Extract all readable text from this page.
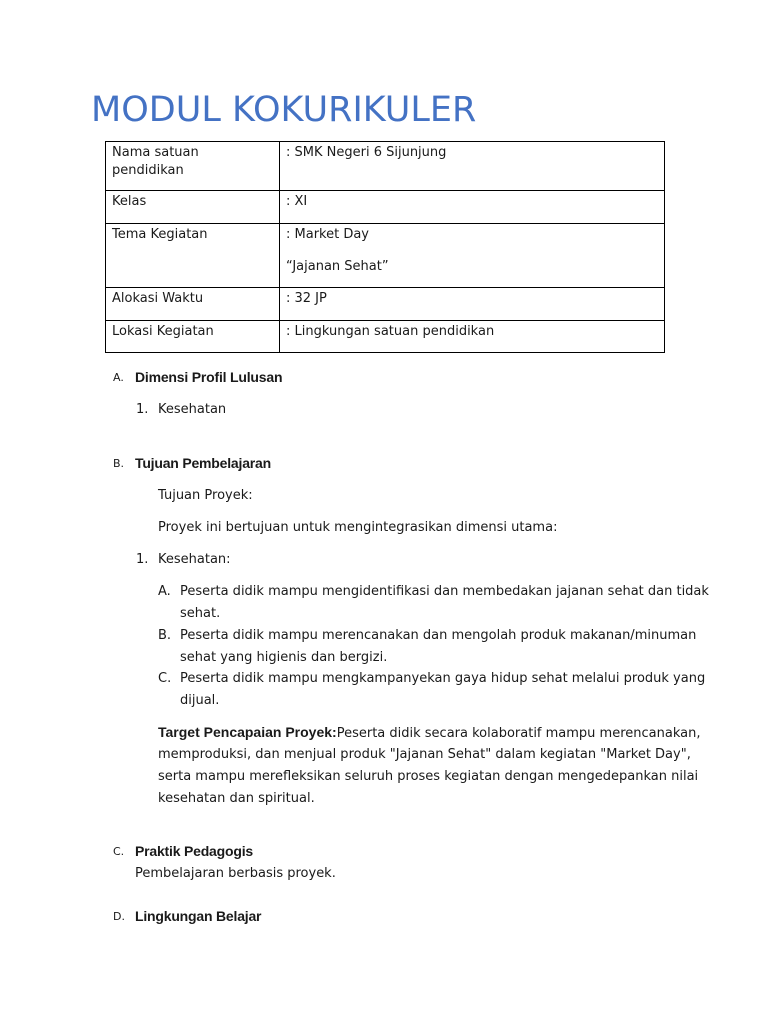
MODUL KOKURIKULER
Nama satuan pendidikan	: SMK Negeri 6 Sijunjung

Kelas	: XI

Tema Kegiatan	: Market Day

“Jajanan Sehat”

Alokasi Waktu	: 32 JP

Lokasi Kegiatan	: Lingkungan satuan pendidikan

A. Dimensi Profil Lulusan
1. Kesehatan
B. Tujuan Pembelajaran
Tujuan Proyek:
Proyek ini bertujuan untuk mengintegrasikan dimensi utama:
1. Kesehatan:
A. Peserta didik mampu mengidentifikasi dan membedakan jajanan sehat dan tidak
sehat.
B. Peserta didik mampu merencanakan dan mengolah produk makanan/minuman
sehat yang higienis dan bergizi.
C. Peserta didik mampu mengkampanyekan gaya hidup sehat melalui produk yang
dijual.
Target Pencapaian Proyek:Peserta didik secara kolaboratif mampu merencanakan,
memproduksi, dan menjual produk "Jajanan Sehat" dalam kegiatan "Market Day",
serta mampu merefleksikan seluruh proses kegiatan dengan mengedepankan nilai
kesehatan dan spiritual.
C. Praktik Pedagogis
Pembelajaran berbasis proyek.
D. Lingkungan Belajar
